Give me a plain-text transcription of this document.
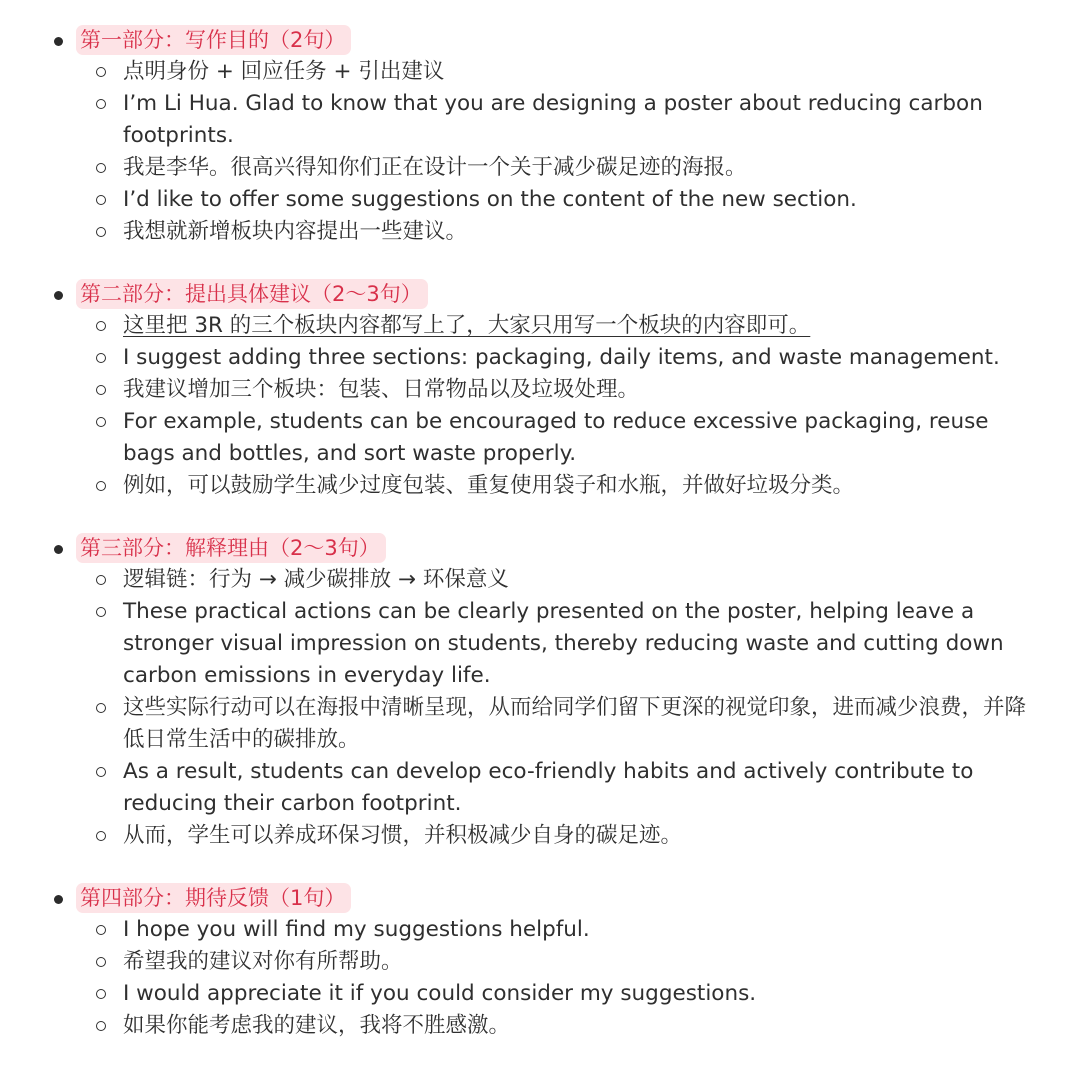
第一部分：写作目的（2句）
点明身份 + 回应任务 + 引出建议
I’m Li Hua. Glad to know that you are designing a poster about reducing carbon footprints.
我是李华。很高兴得知你们正在设计一个关于减少碳足迹的海报。
I’d like to offer some suggestions on the content of the new section.
我想就新增板块内容提出一些建议。
第二部分：提出具体建议（2～3句）
这里把 3R 的三个板块内容都写上了，大家只用写一个板块的内容即可。
I suggest adding three sections: packaging, daily items, and waste management.
我建议增加三个板块：包装、日常物品以及垃圾处理。
For example, students can be encouraged to reduce excessive packaging, reuse bags and bottles, and sort waste properly.
例如，可以鼓励学生减少过度包装、重复使用袋子和水瓶，并做好垃圾分类。
第三部分：解释理由（2～3句）
逻辑链：行为 → 减少碳排放 → 环保意义
These practical actions can be clearly presented on the poster, helping leave a stronger visual impression on students, thereby reducing waste and cutting down carbon emissions in everyday life.
这些实际行动可以在海报中清晰呈现，从而给同学们留下更深的视觉印象，进而减少浪费，并降低日常生活中的碳排放。
As a result, students can develop eco-friendly habits and actively contribute to reducing their carbon footprint.
从而，学生可以养成环保习惯，并积极减少自身的碳足迹。
第四部分：期待反馈（1句）
I hope you will find my suggestions helpful.
希望我的建议对你有所帮助。
I would appreciate it if you could consider my suggestions.
如果你能考虑我的建议，我将不胜感激。
